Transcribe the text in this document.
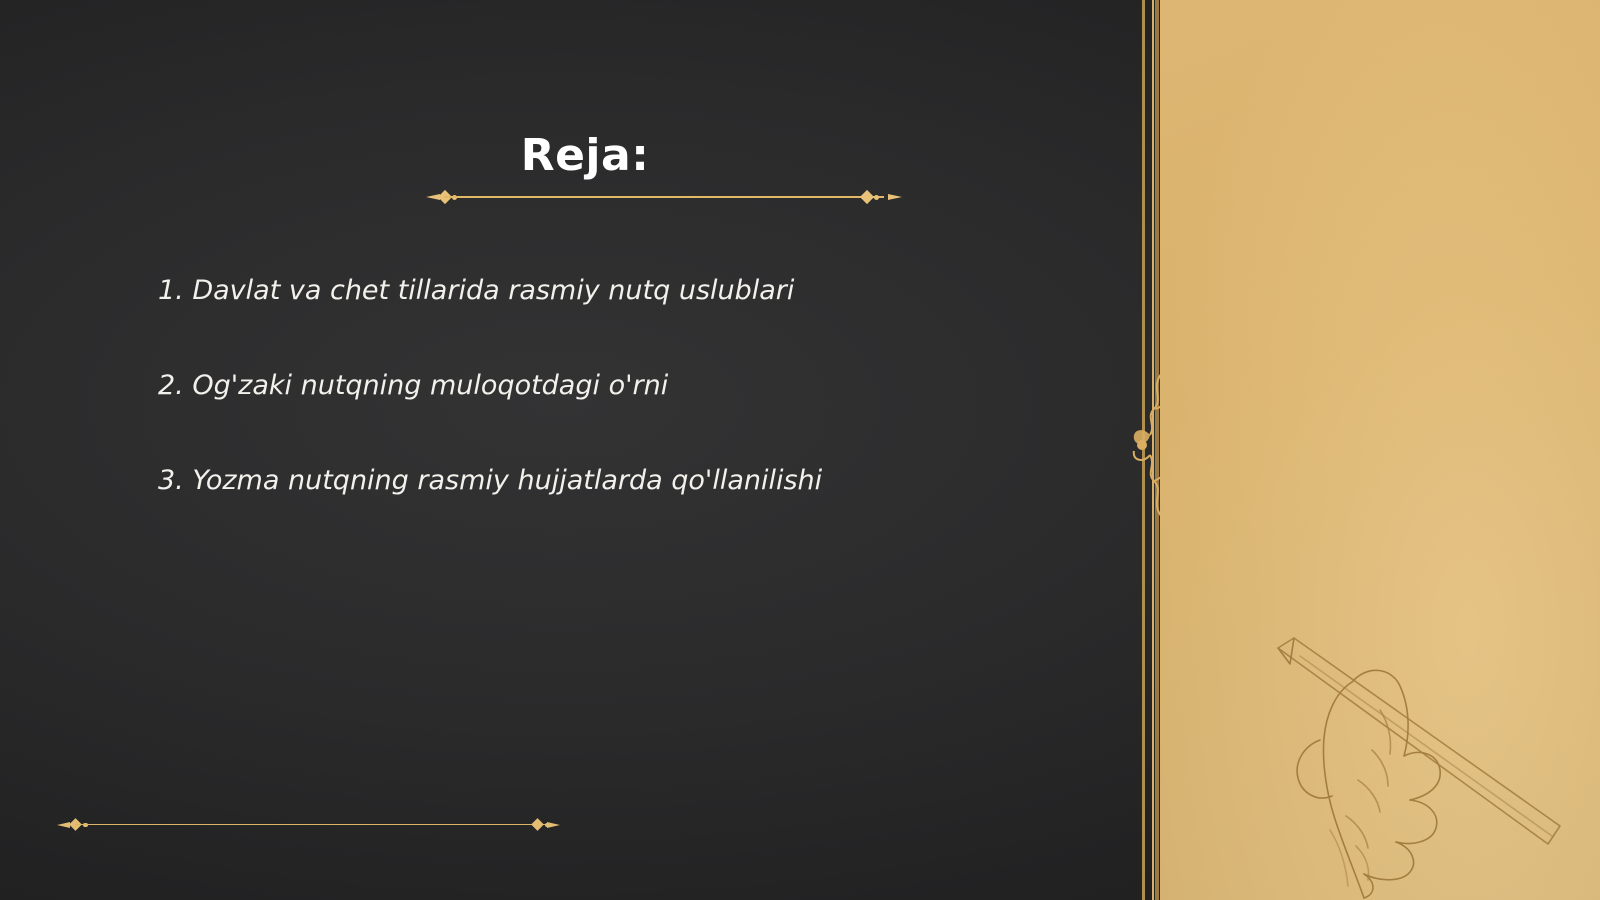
Reja:
1. Davlat va chet tillarida rasmiy nutq uslublari
2. Og'zaki nutqning muloqotdagi o'rni
3. Yozma nutqning rasmiy hujjatlarda qo'llanilishi
